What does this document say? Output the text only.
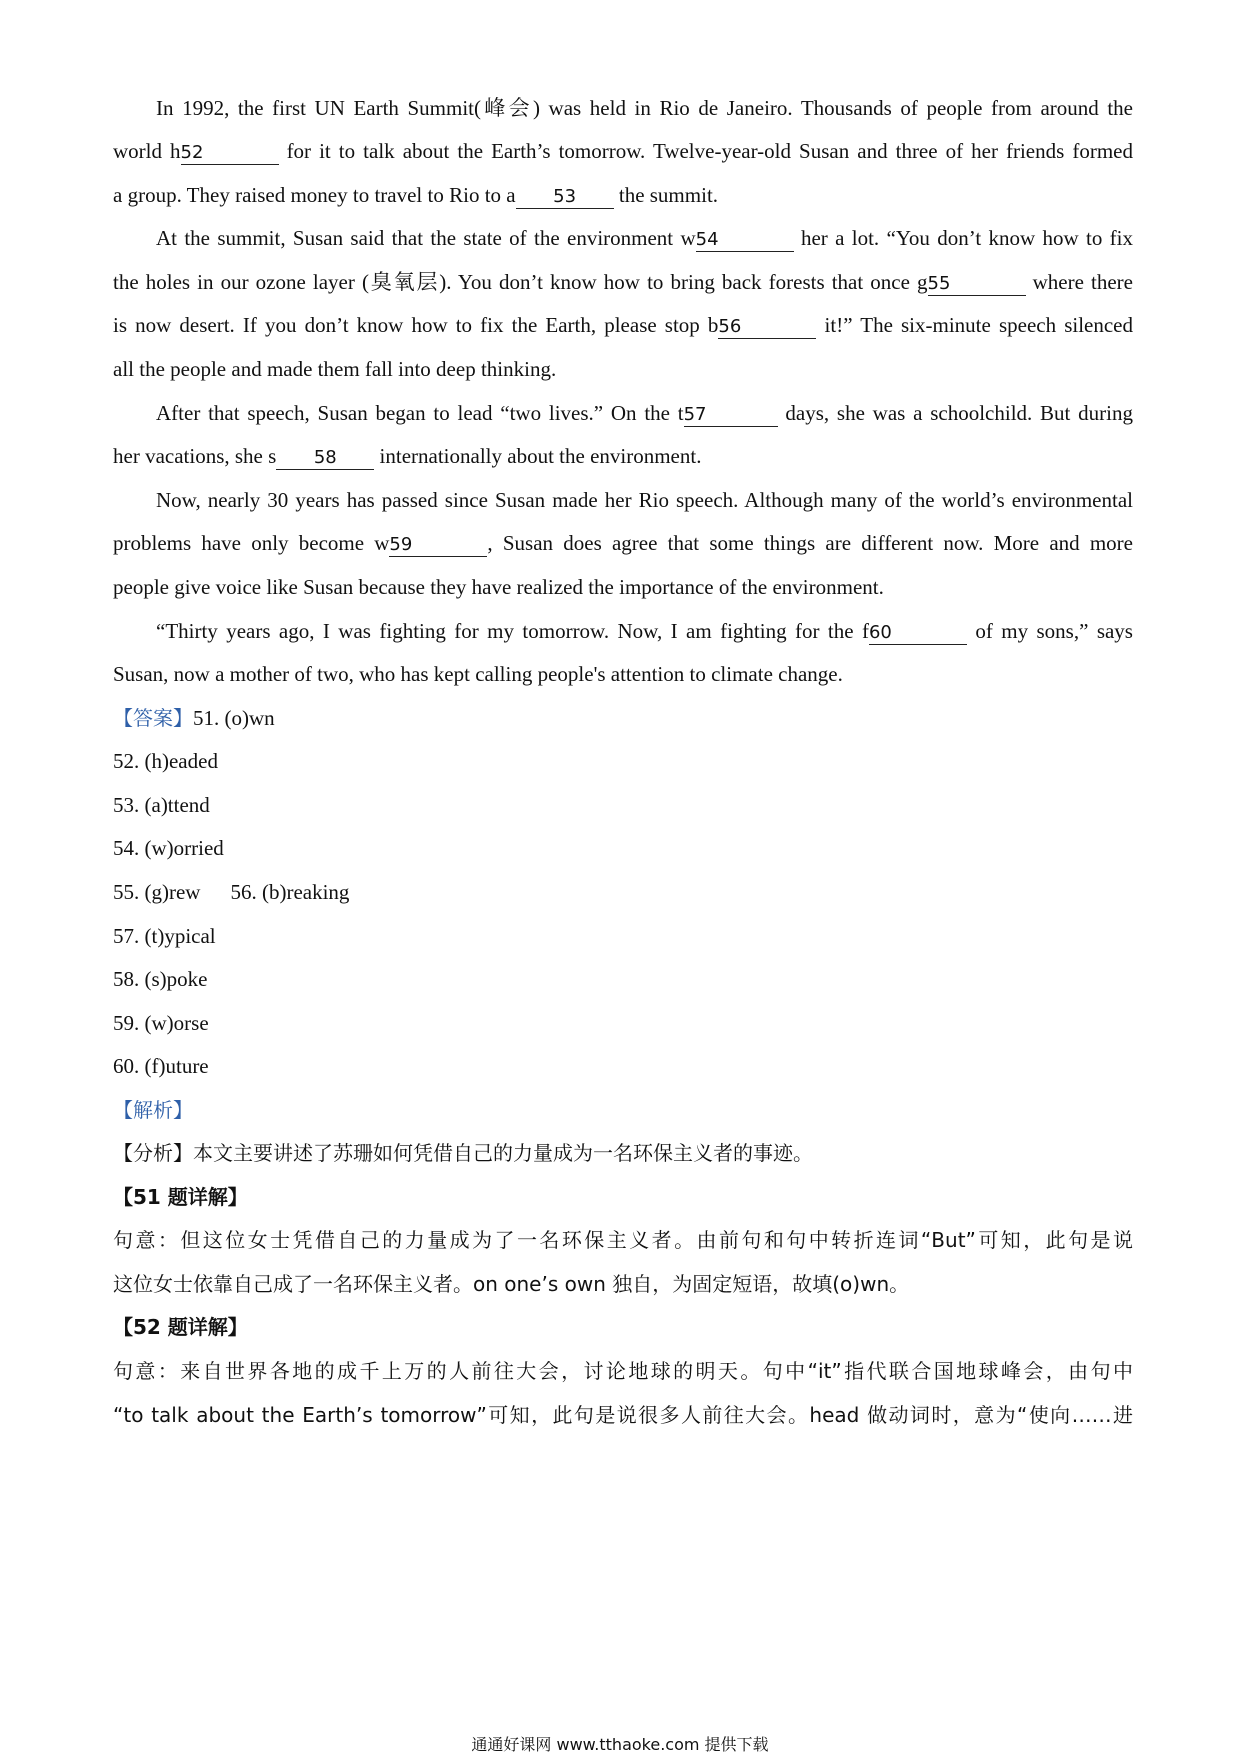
In 1992, the first UN Earth Summit(峰会) was held in Rio de Janeiro. Thousands of people from around the
world h52	for it to talk about the Earth’s tomorrow. Twelve-year-old Susan and three of her friends formed
a group. They raised money to travel to Rio to a 53 the summit.
At the summit, Susan said that the state of the environment w54	her a lot. “You don’t know how to fix
the holes in our ozone layer (臭氧层). You don’t know how to bring back forests that once g55	where there
is now desert. If you don’t know how to fix the Earth, please stop b56	it!” The six-minute speech silenced
all the people and made them fall into deep thinking.
After that speech, Susan began to lead “two lives.” On the t57	days, she was a schoolchild. But during
her vacations, she s 58 internationally about the environment.
Now, nearly 30 years has passed since Susan made her Rio speech. Although many of the world’s environmental
problems have only become w59	, Susan does agree that some things are different now. More and more
people give voice like Susan because they have realized the importance of the environment.
“Thirty years ago, I was fighting for my tomorrow. Now, I am fighting for the f60	of my sons,” says
Susan, now a mother of two, who has kept calling people's attention to climate change.
【答案】51. (o)wn
52. (h)eaded
53. (a)ttend
54. (w)orried
55. (g)rew 56. (b)reaking
57. (t)ypical
58. (s)poke
59. (w)orse
60. (f)uture
【解析】
【分析】本文主要讲述了苏珊如何凭借自己的力量成为一名环保主义者的事迹。
【51 题详解】
句意：但这位女士凭借自己的力量成为了一名环保主义者。由前句和句中转折连词“But”可知，此句是说
这位女士依靠自己成了一名环保主义者。on one’s own 独自，为固定短语，故填(o)wn。
【52 题详解】
句意：来自世界各地的成千上万的人前往大会，讨论地球的明天。句中“it”指代联合国地球峰会，由句中
“to talk about the Earth’s tomorrow”可知，此句是说很多人前往大会。head 做动词时，意为“使向……进
通通好课网 www.tthaoke.com 提供下载
